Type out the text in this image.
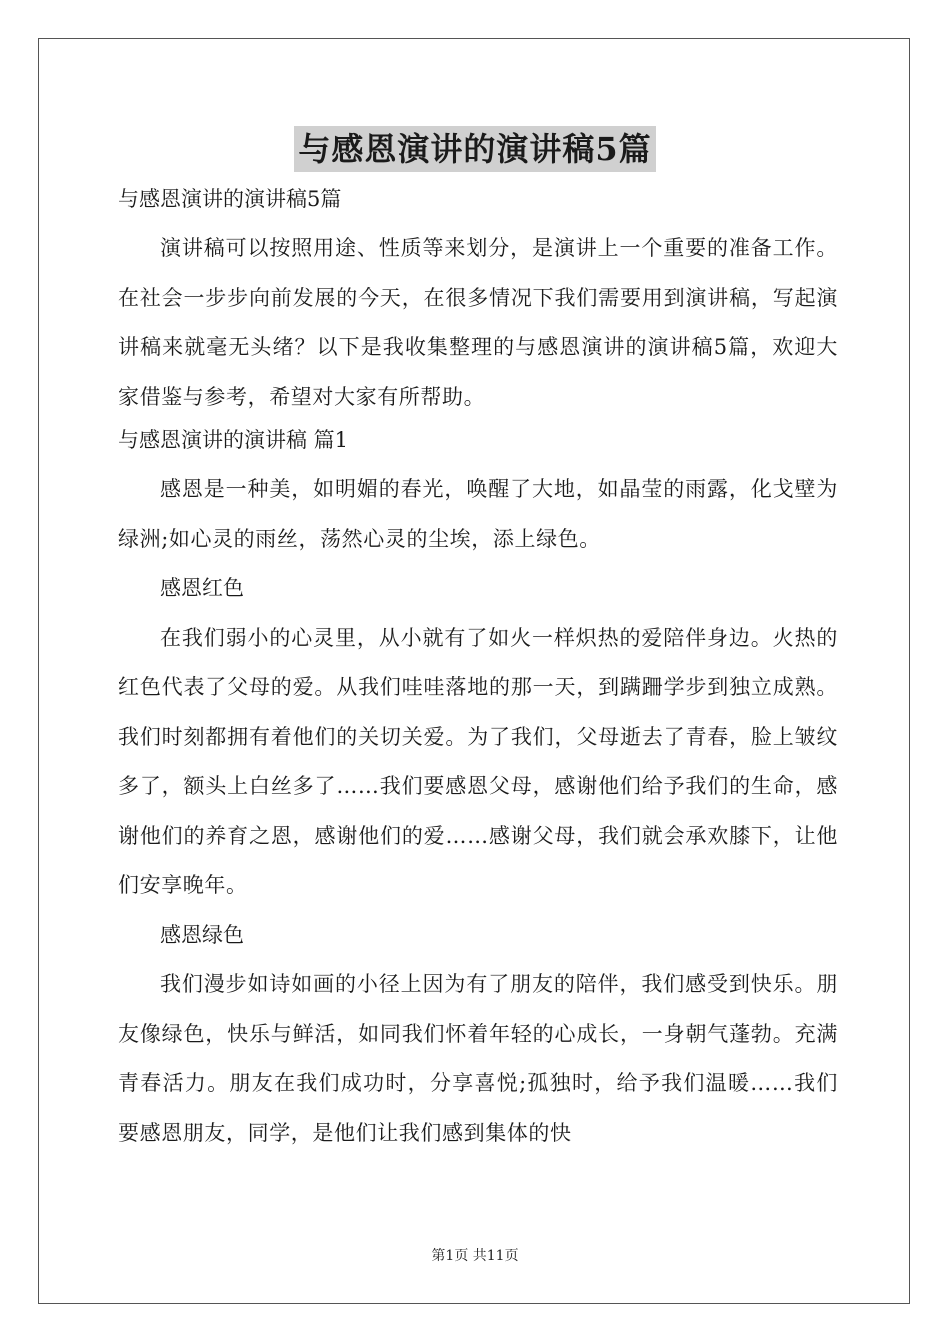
与感恩演讲的演讲稿5篇

与感恩演讲的演讲稿5篇

演讲稿可以按照用途、性质等来划分，是演讲上一个重要的准备工作。在社会一步步向前发展的今天，在很多情况下我们需要用到演讲稿，写起演讲稿来就毫无头绪？以下是我收集整理的与感恩演讲的演讲稿5篇，欢迎大家借鉴与参考，希望对大家有所帮助。

与感恩演讲的演讲稿 篇1

感恩是一种美，如明媚的春光，唤醒了大地，如晶莹的雨露，化戈壁为绿洲;如心灵的雨丝，荡然心灵的尘埃，添上绿色。

感恩红色

在我们弱小的心灵里，从小就有了如火一样炽热的爱陪伴身边。火热的红色代表了父母的爱。从我们哇哇落地的那一天，到蹒跚学步到独立成熟。我们时刻都拥有着他们的关切关爱。为了我们，父母逝去了青春，脸上皱纹多了，额头上白丝多了……我们要感恩父母，感谢他们给予我们的生命，感谢他们的养育之恩，感谢他们的爱……感谢父母，我们就会承欢膝下，让他们安享晚年。

感恩绿色

我们漫步如诗如画的小径上因为有了朋友的陪伴，我们感受到快乐。朋友像绿色，快乐与鲜活，如同我们怀着年轻的心成长，一身朝气蓬勃。充满青春活力。朋友在我们成功时，分享喜悦;孤独时，给予我们温暖……我们要感恩朋友，同学，是他们让我们感到集体的快

第1页 共11页
